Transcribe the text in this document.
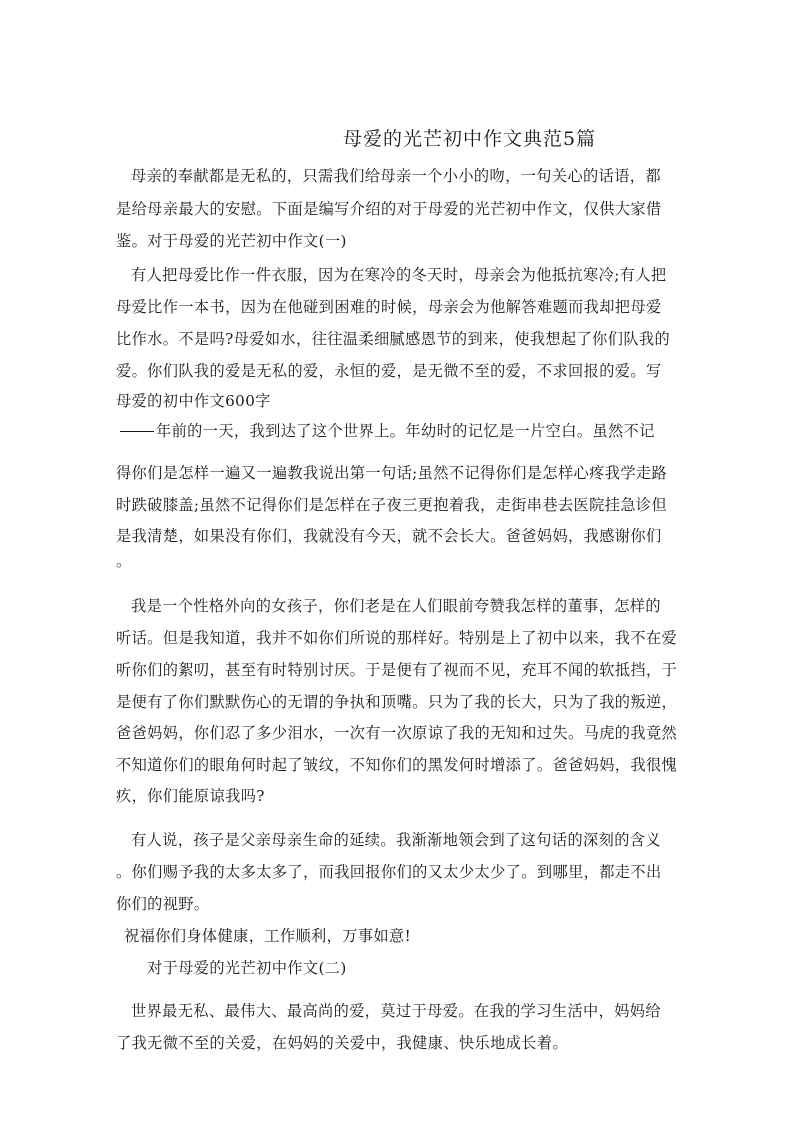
母爱的光芒初中作文典范5篇
母亲的奉献都是无私的，只需我们给母亲一个小小的吻，一句关心的话语，都
是给母亲最大的安慰。下面是编写介绍的对于母爱的光芒初中作文，仅供大家借
鉴。对于母爱的光芒初中作文(一)
有人把母爱比作一件衣服，因为在寒冷的冬天时，母亲会为他抵抗寒冷;有人把
母爱比作一本书，因为在他碰到困难的时候，母亲会为他解答难题而我却把母爱
比作水。不是吗?母爱如水，往往温柔细腻感恩节的到来，使我想起了你们队我的
爱。你们队我的爱是无私的爱，永恒的爱，是无微不至的爱，不求回报的爱。写
母爱的初中作文600字
年前的一天，我到达了这个世界上。年幼时的记忆是一片空白。虽然不记
得你们是怎样一遍又一遍教我说出第一句话;虽然不记得你们是怎样心疼我学走路
时跌破膝盖;虽然不记得你们是怎样在子夜三更抱着我，走街串巷去医院挂急诊但
是我清楚，如果没有你们，我就没有今天，就不会长大。爸爸妈妈，我感谢你们
。
我是一个性格外向的女孩子，你们老是在人们眼前夸赞我怎样的董事，怎样的
听话。但是我知道，我并不如你们所说的那样好。特别是上了初中以来，我不在爱
听你们的絮叨，甚至有时特别讨厌。于是便有了视而不见，充耳不闻的软抵挡，于
是便有了你们默默伤心的无谓的争执和顶嘴。只为了我的长大，只为了我的叛逆，
爸爸妈妈，你们忍了多少泪水，一次有一次原谅了我的无知和过失。马虎的我竟然
不知道你们的眼角何时起了皱纹，不知你们的黑发何时增添了。爸爸妈妈，我很愧
疚，你们能原谅我吗?
有人说，孩子是父亲母亲生命的延续。我渐渐地领会到了这句话的深刻的含义
。你们赐予我的太多太多了，而我回报你们的又太少太少了。到哪里，都走不出
你们的视野。
祝福你们身体健康，工作顺利，万事如意!
对于母爱的光芒初中作文(二)
世界最无私、最伟大、最高尚的爱，莫过于母爱。在我的学习生活中，妈妈给
了我无微不至的关爱，在妈妈的关爱中，我健康、快乐地成长着。
